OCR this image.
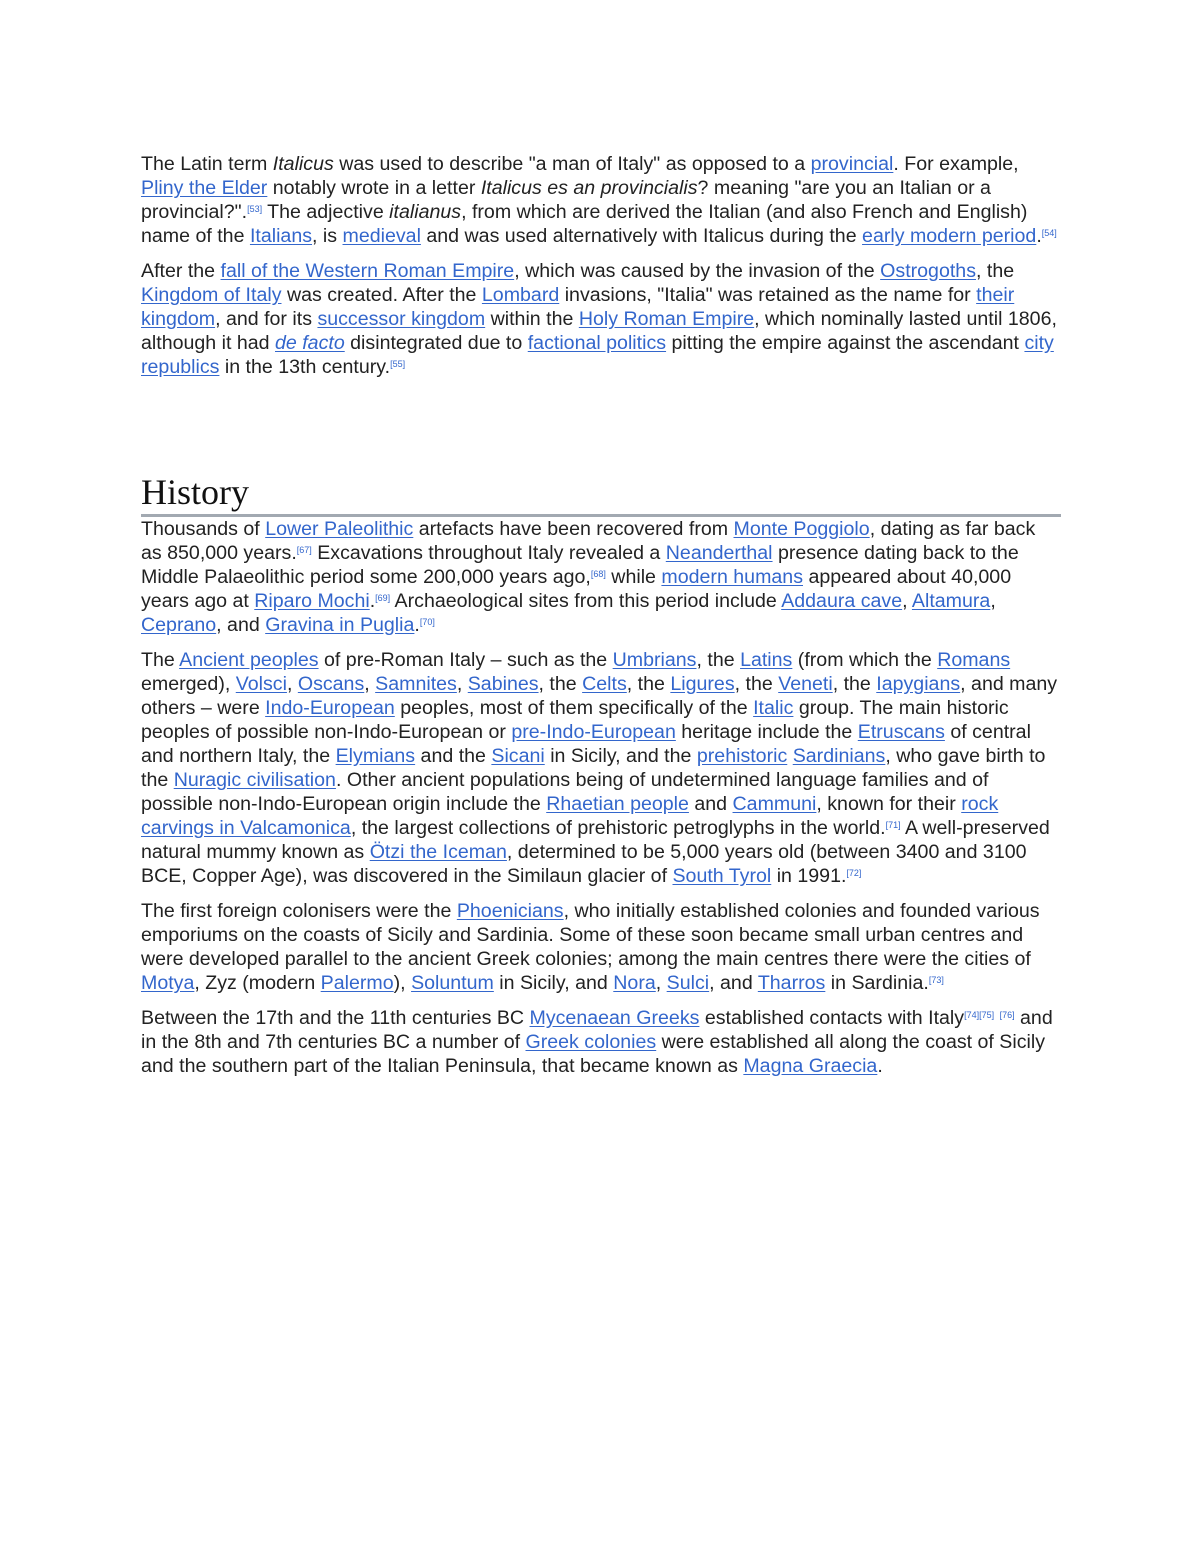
The Latin term Italicus was used to describe "a man of Italy" as opposed to a provincial. For example, Pliny the Elder notably wrote in a letter Italicus es an provincialis? meaning "are you an Italian or a provincial?".[53] The adjective italianus, from which are derived the Italian (and also French and English) name of the Italians, is medieval and was used alternatively with Italicus during the early modern period.[54]

After the fall of the Western Roman Empire, which was caused by the invasion of the Ostrogoths, the Kingdom of Italy was created. After the Lombard invasions, "Italia" was retained as the name for their kingdom, and for its successor kingdom within the Holy Roman Empire, which nominally lasted until 1806, although it had de facto disintegrated due to factional politics pitting the empire against the ascendant city republics in the 13th century.[55]

History

Thousands of Lower Paleolithic artefacts have been recovered from Monte Poggiolo, dating as far back as 850,000 years.[67] Excavations throughout Italy revealed a Neanderthal presence dating back to the Middle Palaeolithic period some 200,000 years ago,[68] while modern humans appeared about 40,000 years ago at Riparo Mochi.[69] Archaeological sites from this period include Addaura cave, Altamura, Ceprano, and Gravina in Puglia.[70]

The Ancient peoples of pre-Roman Italy – such as the Umbrians, the Latins (from which the Romans emerged), Volsci, Oscans, Samnites, Sabines, the Celts, the Ligures, the Veneti, the Iapygians, and many others – were Indo-European peoples, most of them specifically of the Italic group. The main historic peoples of possible non-Indo-European or pre-Indo-European heritage include the Etruscans of central and northern Italy, the Elymians and the Sicani in Sicily, and the prehistoric Sardinians, who gave birth to the Nuragic civilisation. Other ancient populations being of undetermined language families and of possible non-Indo-European origin include the Rhaetian people and Cammuni, known for their rock carvings in Valcamonica, the largest collections of prehistoric petroglyphs in the world.[71] A well-preserved natural mummy known as Ötzi the Iceman, determined to be 5,000 years old (between 3400 and 3100 BCE, Copper Age), was discovered in the Similaun glacier of South Tyrol in 1991.[72]

The first foreign colonisers were the Phoenicians, who initially established colonies and founded various emporiums on the coasts of Sicily and Sardinia. Some of these soon became small urban centres and were developed parallel to the ancient Greek colonies; among the main centres there were the cities of Motya, Zyz (modern Palermo), Soluntum in Sicily, and Nora, Sulci, and Tharros in Sardinia.[73]

Between the 17th and the 11th centuries BC Mycenaean Greeks established contacts with Italy[74][75] [76] and in the 8th and 7th centuries BC a number of Greek colonies were established all along the coast of Sicily and the southern part of the Italian Peninsula, that became known as Magna Graecia.
